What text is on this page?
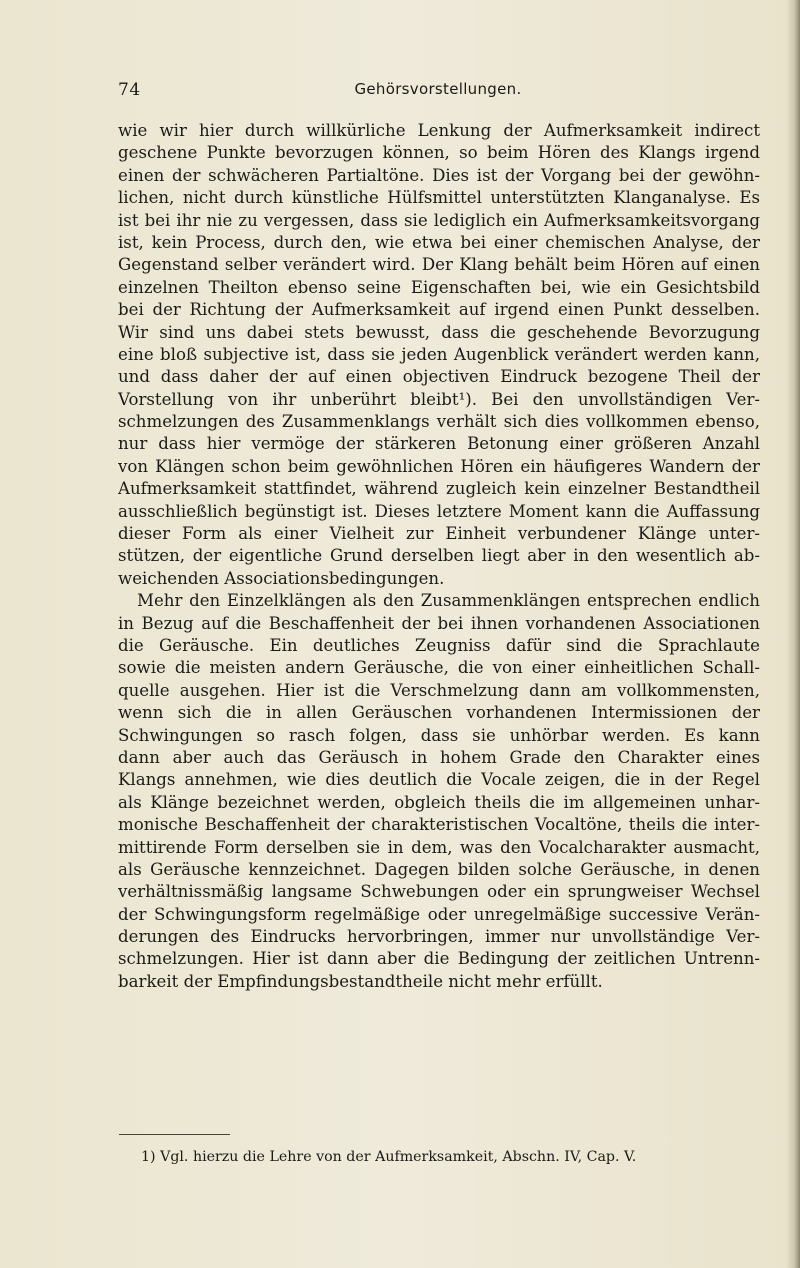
74	Gehörsvorstellungen.
wie wir hier durch willkürliche Lenkung der Aufmerksamkeit indirect
geschene Punkte bevorzugen können, so beim Hören des Klangs irgend
einen der schwächeren Partialtöne. Dies ist der Vorgang bei der gewöhn-
lichen, nicht durch künstliche Hülfsmittel unterstützten Klanganalyse. Es
ist bei ihr nie zu vergessen, dass sie lediglich ein Aufmerksamkeitsvorgang
ist, kein Process, durch den, wie etwa bei einer chemischen Analyse, der
Gegenstand selber verändert wird. Der Klang behält beim Hören auf einen
einzelnen Theilton ebenso seine Eigenschaften bei, wie ein Gesichtsbild
bei der Richtung der Aufmerksamkeit auf irgend einen Punkt desselben.
Wir sind uns dabei stets bewusst, dass die geschehende Bevorzugung
eine bloß subjective ist, dass sie jeden Augenblick verändert werden kann,
und dass daher der auf einen objectiven Eindruck bezogene Theil der
Vorstellung von ihr unberührt bleibt¹). Bei den unvollständigen Ver-
schmelzungen des Zusammenklangs verhält sich dies vollkommen ebenso,
nur dass hier vermöge der stärkeren Betonung einer größeren Anzahl
von Klängen schon beim gewöhnlichen Hören ein häufigeres Wandern der
Aufmerksamkeit stattfindet, während zugleich kein einzelner Bestandtheil
ausschließlich begünstigt ist. Dieses letztere Moment kann die Auffassung
dieser Form als einer Vielheit zur Einheit verbundener Klänge unter-
stützen, der eigentliche Grund derselben liegt aber in den wesentlich ab-
weichenden Associationsbedingungen.
Mehr den Einzelklängen als den Zusammenklängen entsprechen endlich
in Bezug auf die Beschaffenheit der bei ihnen vorhandenen Associationen
die Geräusche. Ein deutliches Zeugniss dafür sind die Sprachlaute
sowie die meisten andern Geräusche, die von einer einheitlichen Schall-
quelle ausgehen. Hier ist die Verschmelzung dann am vollkommensten,
wenn sich die in allen Geräuschen vorhandenen Intermissionen der
Schwingungen so rasch folgen, dass sie unhörbar werden. Es kann
dann aber auch das Geräusch in hohem Grade den Charakter eines
Klangs annehmen, wie dies deutlich die Vocale zeigen, die in der Regel
als Klänge bezeichnet werden, obgleich theils die im allgemeinen unhar-
monische Beschaffenheit der charakteristischen Vocaltöne, theils die inter-
mittirende Form derselben sie in dem, was den Vocalcharakter ausmacht,
als Geräusche kennzeichnet. Dagegen bilden solche Geräusche, in denen
verhältnissmäßig langsame Schwebungen oder ein sprungweiser Wechsel
der Schwingungsform regelmäßige oder unregelmäßige successive Verän-
derungen des Eindrucks hervorbringen, immer nur unvollständige Ver-
schmelzungen. Hier ist dann aber die Bedingung der zeitlichen Untrenn-
barkeit der Empfindungsbestandtheile nicht mehr erfüllt.
1) Vgl. hierzu die Lehre von der Aufmerksamkeit, Abschn. IV, Cap. V.
